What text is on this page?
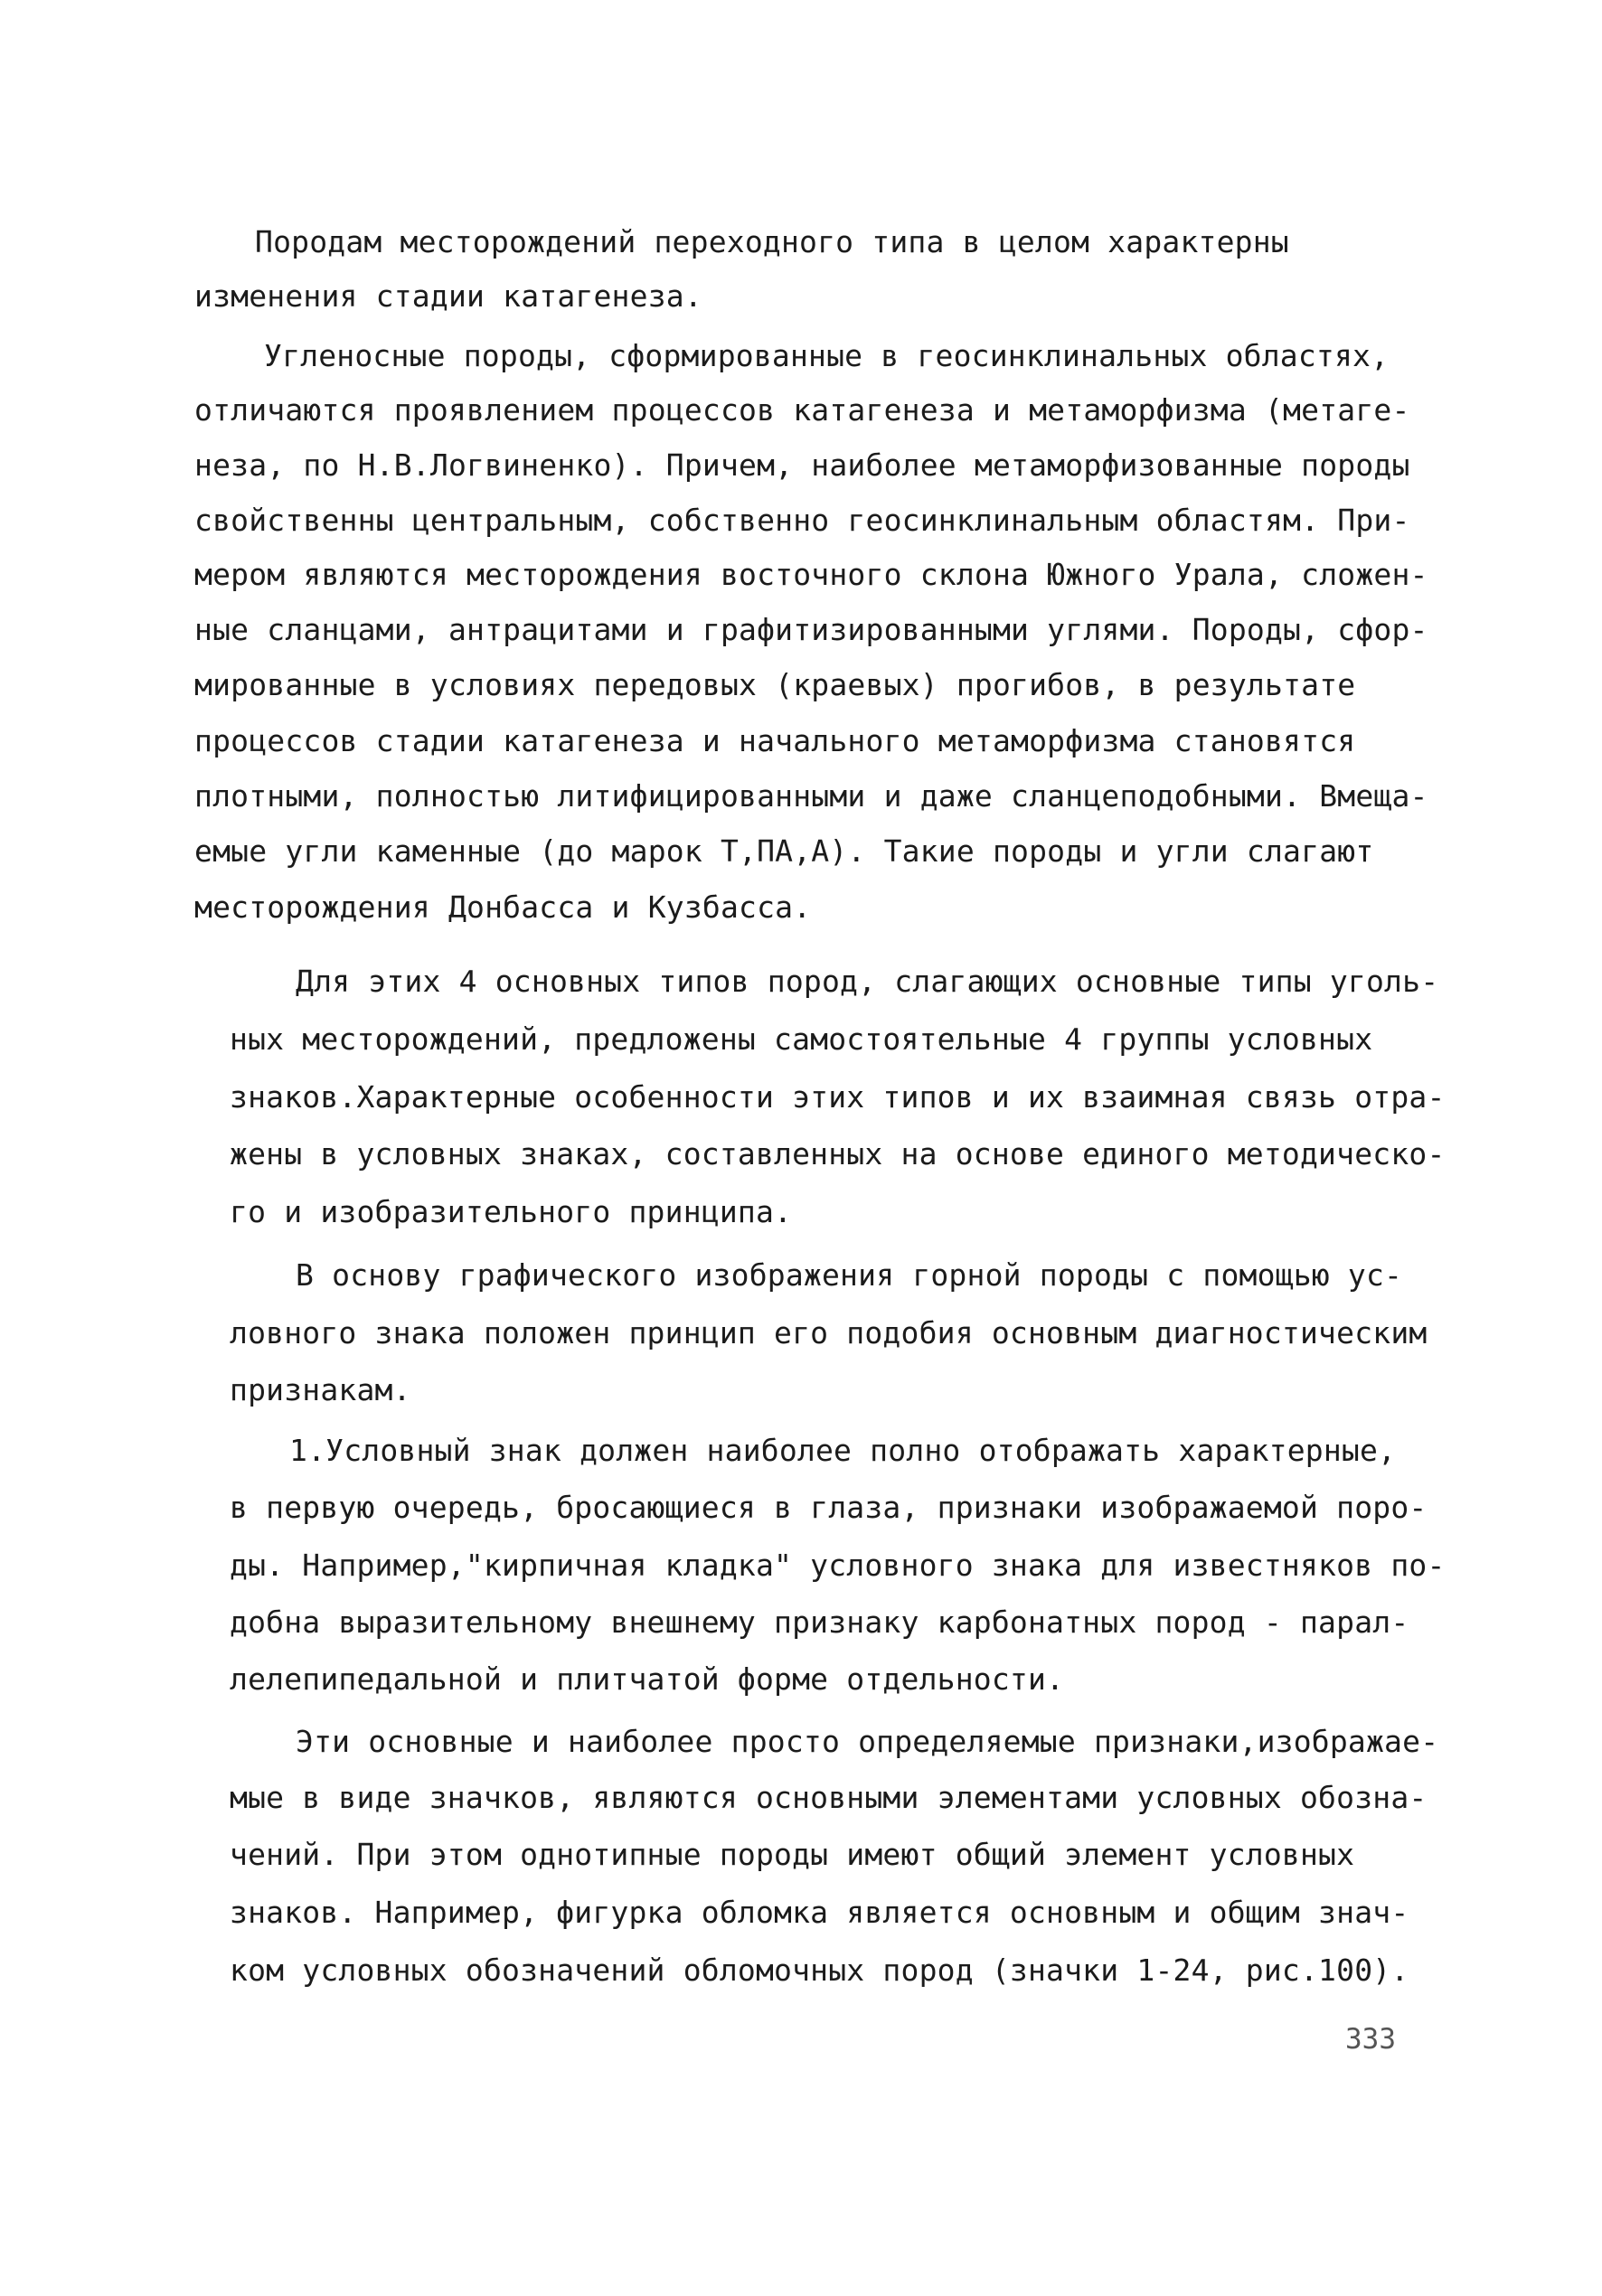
Породам месторождений переходного типа в целом характерны
изменения стадии катагенеза.
Угленосные породы, сформированные в геосинклинальных областях,
отличаются проявлением процессов катагенеза и метаморфизма (метаге-
неза, по Н.В.Логвиненко). Причем, наиболее метаморфизованные породы
свойственны центральным, собственно геосинклинальным областям. При-
мером являются месторождения восточного склона Южного Урала, сложен-
ные сланцами, антрацитами и графитизированными углями. Породы, сфор-
мированные в условиях передовых (краевых) прогибов, в результате
процессов стадии катагенеза и начального метаморфизма становятся
плотными, полностью литифицированными и даже сланцеподобными. Вмеща-
емые угли каменные (до марок Т,ПА,А). Такие породы и угли слагают
месторождения Донбасса и Кузбасса.
Для этих 4 основных типов пород, слагающих основные типы уголь-
ных месторождений, предложены самостоятельные 4 группы условных
знаков.Характерные особенности этих типов и их взаимная связь отра-
жены в условных знаках, составленных на основе единого методическо-
го и изобразительного принципа.
В основу графического изображения горной породы с помощью ус-
ловного знака положен принцип его подобия основным диагностическим
признакам.
1.Условный знак должен наиболее полно отображать характерные,
в первую очередь, бросающиеся в глаза, признаки изображаемой поро-
ды. Например,"кирпичная кладка" условного знака для известняков по-
добна выразительному внешнему признаку карбонатных пород - парал-
лелепипедальной и плитчатой форме отдельности.
Эти основные и наиболее просто определяемые признаки,изображае-
мые в виде значков, являются основными элементами условных обозна-
чений. При этом однотипные породы имеют общий элемент условных
знаков. Например, фигурка обломка является основным и общим знач-
ком условных обозначений обломочных пород (значки 1-24, рис.100).
333
